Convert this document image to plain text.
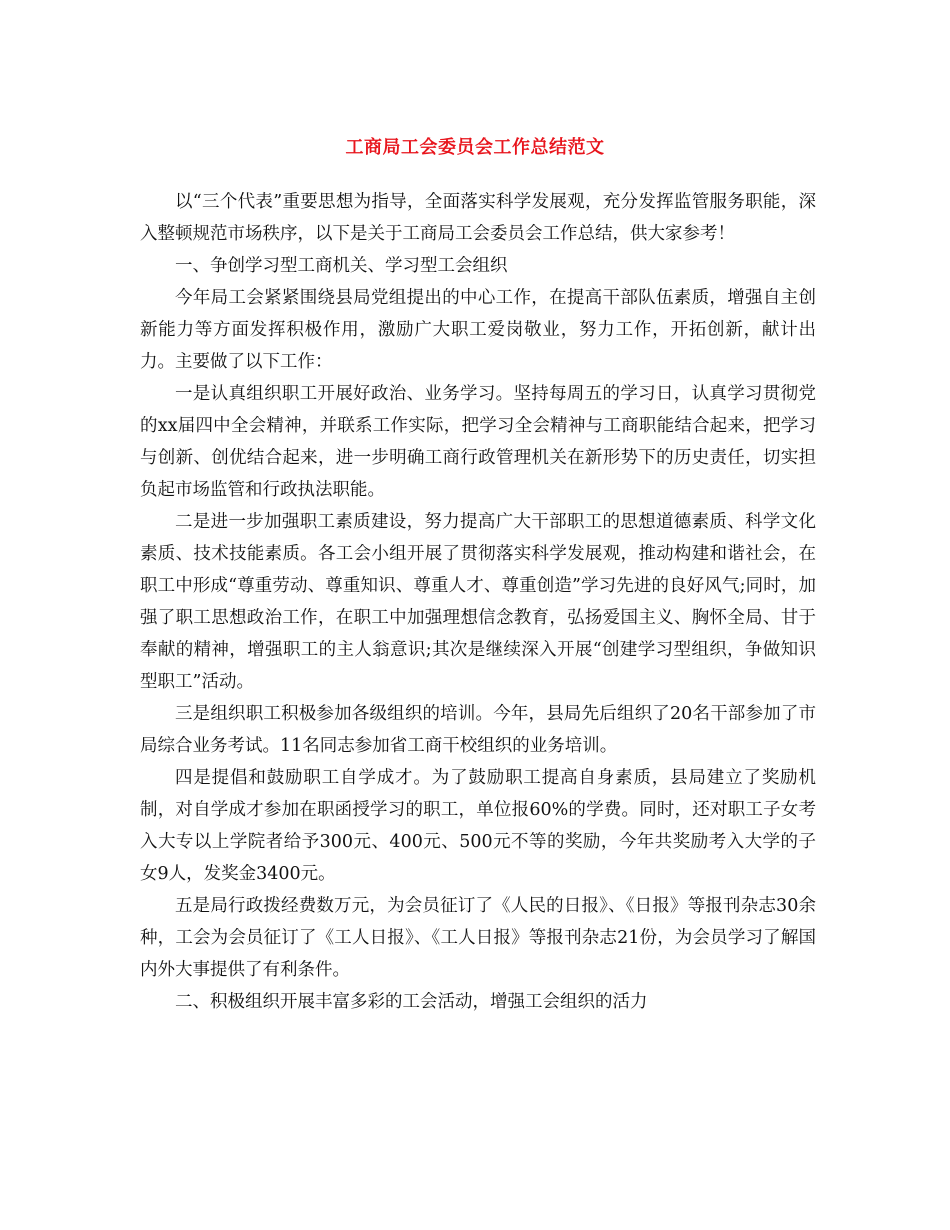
工商局工会委员会工作总结范文

以“三个代表”重要思想为指导，全面落实科学发展观，充分发挥监管服务职能，深入整顿规范市场秩序，以下是关于工商局工会委员会工作总结，供大家参考！

一、争创学习型工商机关、学习型工会组织

今年局工会紧紧围绕县局党组提出的中心工作，在提高干部队伍素质，增强自主创新能力等方面发挥积极作用，激励广大职工爱岗敬业，努力工作，开拓创新，献计出力。主要做了以下工作：

一是认真组织职工开展好政治、业务学习。坚持每周五的学习日，认真学习贯彻党的xx届四中全会精神，并联系工作实际，把学习全会精神与工商职能结合起来，把学习与创新、创优结合起来，进一步明确工商行政管理机关在新形势下的历史责任，切实担负起市场监管和行政执法职能。

二是进一步加强职工素质建设，努力提高广大干部职工的思想道德素质、科学文化素质、技术技能素质。各工会小组开展了贯彻落实科学发展观，推动构建和谐社会，在职工中形成“尊重劳动、尊重知识、尊重人才、尊重创造”学习先进的良好风气;同时，加强了职工思想政治工作，在职工中加强理想信念教育，弘扬爱国主义、胸怀全局、甘于奉献的精神，增强职工的主人翁意识;其次是继续深入开展“创建学习型组织，争做知识型职工”活动。

三是组织职工积极参加各级组织的培训。今年，县局先后组织了20名干部参加了市局综合业务考试。11名同志参加省工商干校组织的业务培训。

四是提倡和鼓励职工自学成才。为了鼓励职工提高自身素质，县局建立了奖励机制，对自学成才参加在职函授学习的职工，单位报60%的学费。同时，还对职工子女考入大专以上学院者给予300元、400元、500元不等的奖励，今年共奖励考入大学的子女9人，发奖金3400元。

五是局行政拨经费数万元，为会员征订了《人民的日报》、《日报》等报刊杂志30余种，工会为会员征订了《工人日报》、《工人日报》等报刊杂志21份，为会员学习了解国内外大事提供了有利条件。

二、积极组织开展丰富多彩的工会活动，增强工会组织的活力
